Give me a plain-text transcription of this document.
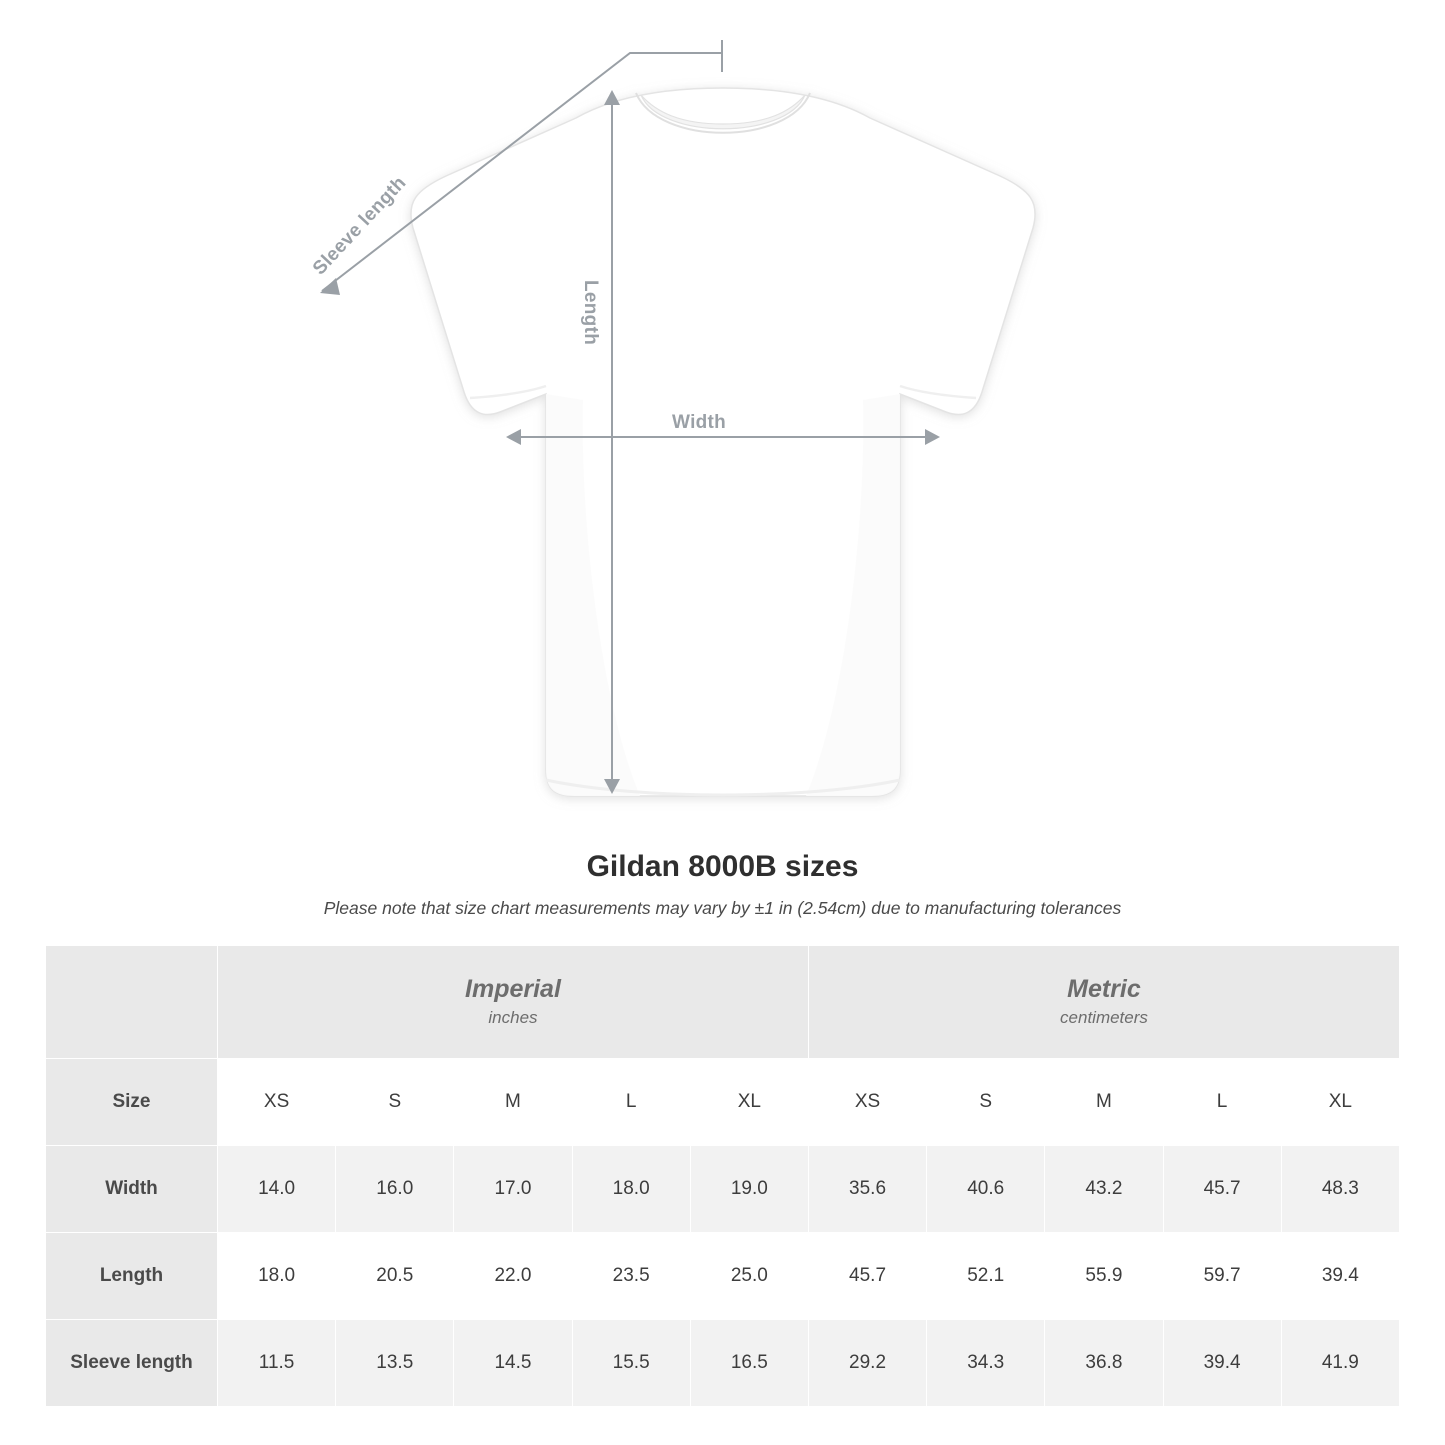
Width
Length
Sleeve length
Gildan 8000B sizes

Please note that size chart measurements may vary by ±1 in (2.54cm) due to manufacturing tolerances

Imperial
inches

Metric
centimeters

Size	XS	S	M	L	XL	XS	S	M	L	XL
Width	14.0	16.0	17.0	18.0	19.0	35.6	40.6	43.2	45.7	48.3
Length	18.0	20.5	22.0	23.5	25.0	45.7	52.1	55.9	59.7	39.4
Sleeve length	11.5	13.5	14.5	15.5	16.5	29.2	34.3	36.8	39.4	41.9
